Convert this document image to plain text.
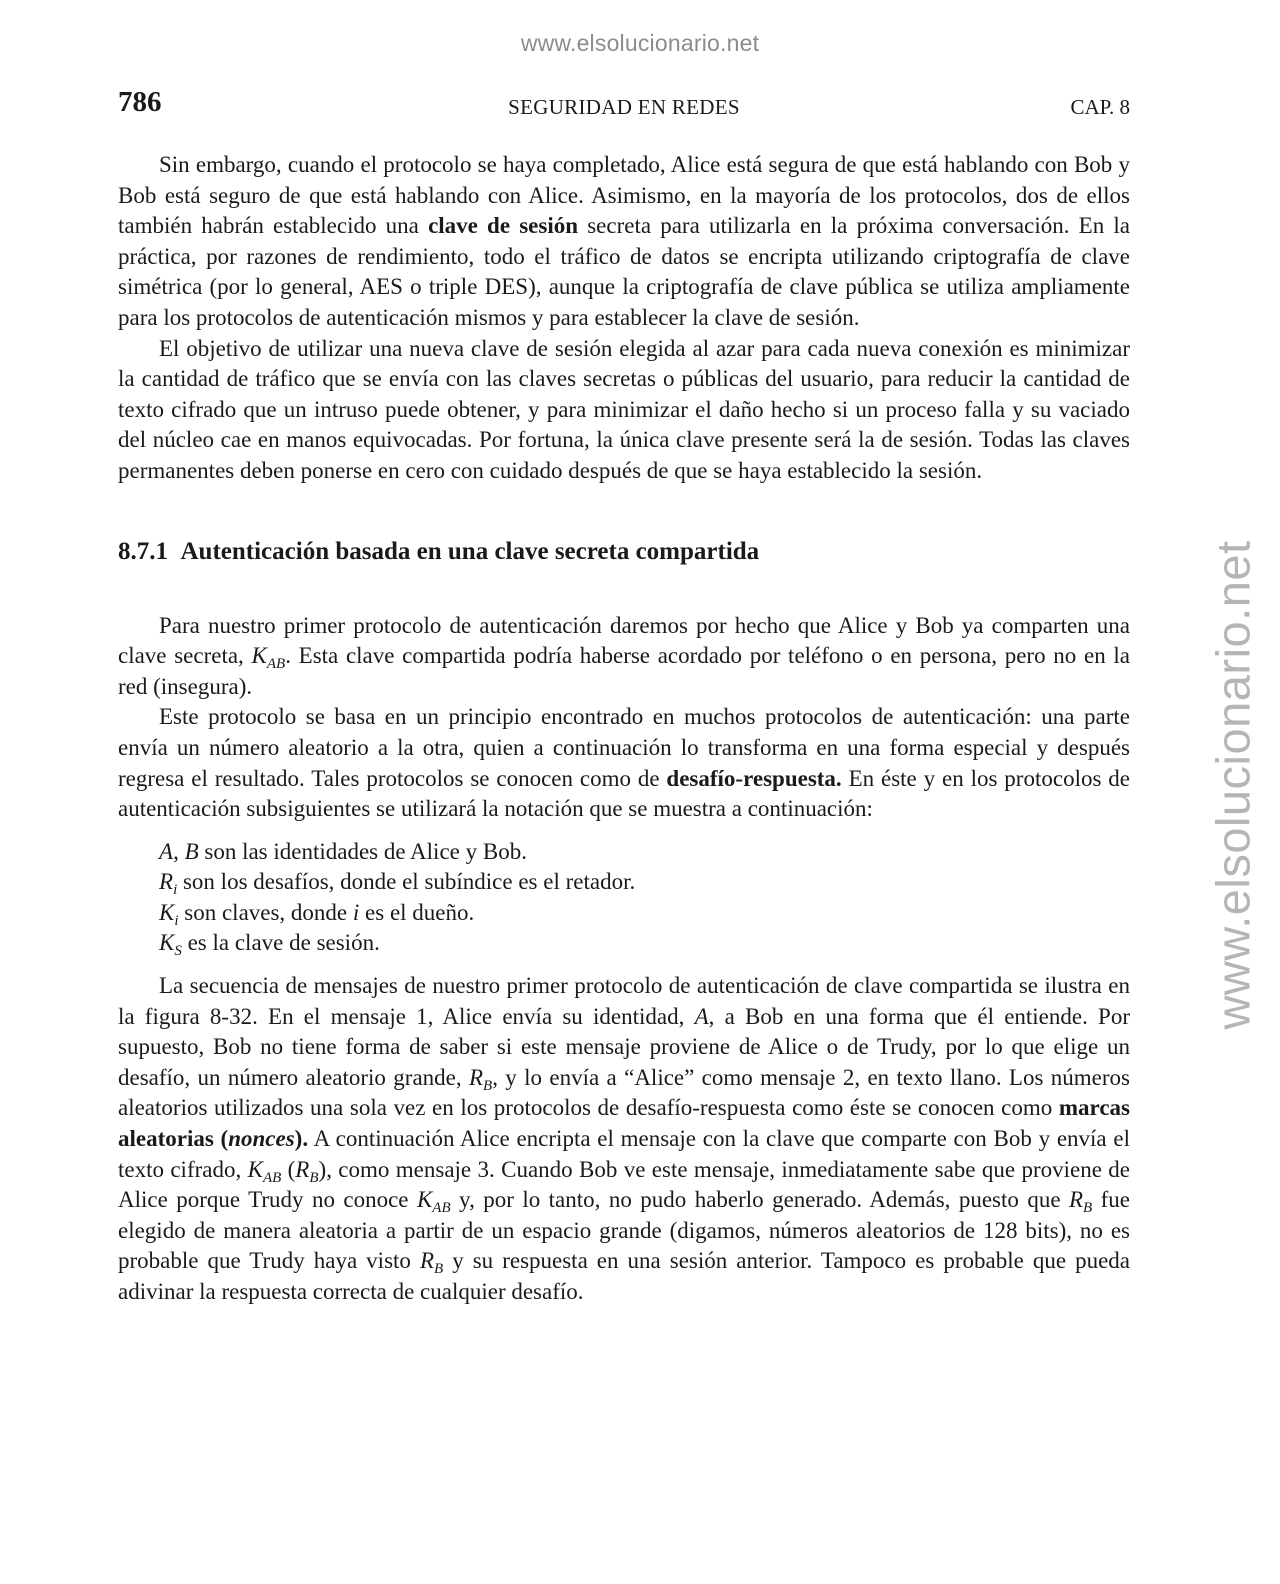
www.elsolucionario.net
www.elsolucionario.net
786	SEGURIDAD EN REDES	CAP. 8

Sin embargo, cuando el protocolo se haya completado, Alice está segura de que está hablando con Bob y Bob está seguro de que está hablando con Alice. Asimismo, en la mayoría de los protocolos, dos de ellos también habrán establecido una clave de sesión secreta para utilizarla en la próxima conversación. En la práctica, por razones de rendimiento, todo el tráfico de datos se encripta utilizando criptografía de clave simétrica (por lo general, AES o triple DES), aunque la criptografía de clave pública se utiliza ampliamente para los protocolos de autenticación mismos y para establecer la clave de sesión.

El objetivo de utilizar una nueva clave de sesión elegida al azar para cada nueva conexión es minimizar la cantidad de tráfico que se envía con las claves secretas o públicas del usuario, para reducir la cantidad de texto cifrado que un intruso puede obtener, y para minimizar el daño hecho si un proceso falla y su vaciado del núcleo cae en manos equivocadas. Por fortuna, la única clave presente será la de sesión. Todas las claves permanentes deben ponerse en cero con cuidado después de que se haya establecido la sesión.

8.7.1 Autenticación basada en una clave secreta compartida

Para nuestro primer protocolo de autenticación daremos por hecho que Alice y Bob ya comparten una clave secreta, $K_{AB}$. Esta clave compartida podría haberse acordado por teléfono o en persona, pero no en la red (insegura).

Este protocolo se basa en un principio encontrado en muchos protocolos de autenticación: una parte envía un número aleatorio a la otra, quien a continuación lo transforma en una forma especial y después regresa el resultado. Tales protocolos se conocen como de desafío-respuesta. En éste y en los protocolos de autenticación subsiguientes se utilizará la notación que se muestra a continuación:

A, B son las identidades de Alice y Bob.
$R_i$ son los desafíos, donde el subíndice es el retador.
$K_i$ son claves, donde i es el dueño.
$K_S$ es la clave de sesión.

La secuencia de mensajes de nuestro primer protocolo de autenticación de clave compartida se ilustra en la figura 8-32. En el mensaje 1, Alice envía su identidad, A, a Bob en una forma que él entiende. Por supuesto, Bob no tiene forma de saber si este mensaje proviene de Alice o de Trudy, por lo que elige un desafío, un número aleatorio grande, $R_B$, y lo envía a “Alice” como mensaje 2, en texto llano. Los números aleatorios utilizados una sola vez en los protocolos de desafío-respuesta como éste se conocen como marcas aleatorias (nonces). A continuación Alice encripta el mensaje con la clave que comparte con Bob y envía el texto cifrado, $K_{AB}$ $(R_B)$, como mensaje 3. Cuando Bob ve este mensaje, inmediatamente sabe que proviene de Alice porque Trudy no conoce $K_{AB}$ y, por lo tanto, no pudo haberlo generado. Además, puesto que $R_B$ fue elegido de manera aleatoria a partir de un espacio grande (digamos, números aleatorios de 128 bits), no es probable que Trudy haya visto $R_B$ y su respuesta en una sesión anterior. Tampoco es probable que pueda adivinar la respuesta correcta de cualquier desafío.
